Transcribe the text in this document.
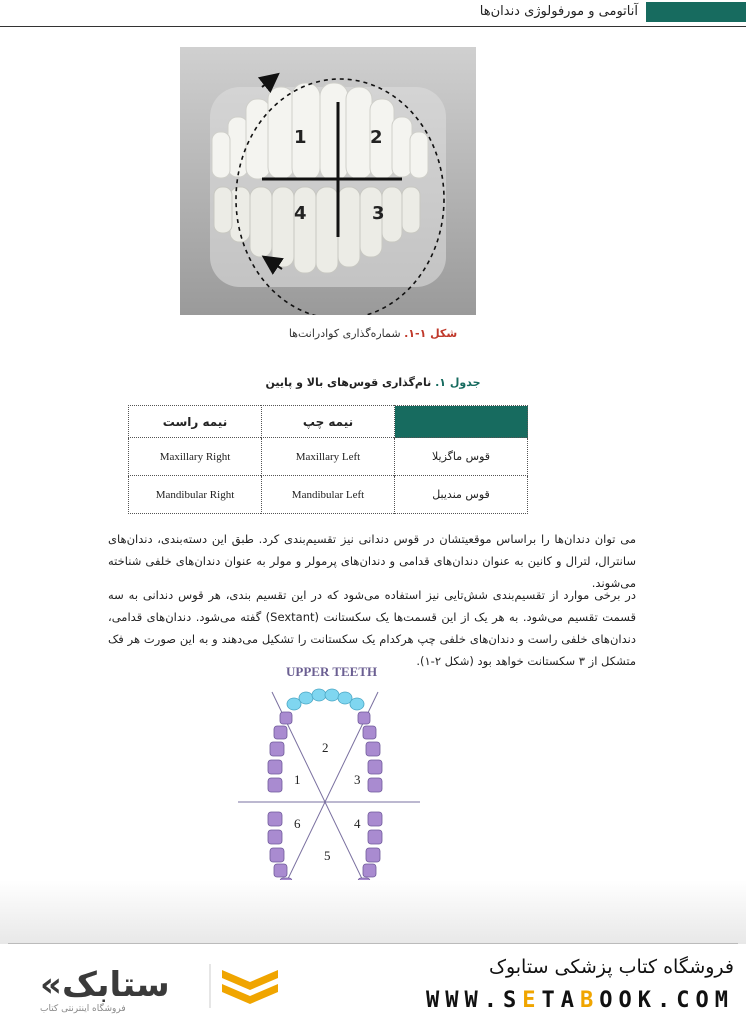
آناتومی و مورفولوژی دندان‌ها
1	2
3
4
شکل ۱-۱. شماره‌گذاری کوادرانت‌ها
جدول ۱. نام‌گذاری قوس‌های بالا و پایین
	نیمه چپ	نیمه راست
قوس ماگزیلا	Maxillary Left	Maxillary Right
قوس مندیبل	Mandibular Left	Mandibular Right
می توان دندان‌ها را براساس موقعیتشان در قوس دندانی نیز تقسیم‌بندی کرد. طبق این دسته‌بندی، دندان‌های سانترال، لترال و کانین به عنوان دندان‌های قدامی و دندان‌های پرمولر و مولر به عنوان دندان‌های خلفی شناخته می‌شوند.
در برخی موارد از تقسیم‌بندی شش‌تایی نیز استفاده می‌شود که در این تقسیم بندی، هر قوس دندانی به سه قسمت تقسیم می‌شود. به هر یک از این قسمت‌ها یک سکستانت (Sextant) گفته می‌شود. دندان‌های قدامی، دندان‌های خلفی راست و دندان‌های خلفی چپ هرکدام یک سکستانت را تشکیل می‌دهند و به این صورت هر فک متشکل از ۳ سکستانت خواهد بود (شکل ۲-۱).
UPPER TEETH
1
2
3
4
5
6
«ستابک
فروشگاه اینترنتی کتاب
فروشگاه کتاب پزشکی ستابوک
WWW.SETABOOK.COM
